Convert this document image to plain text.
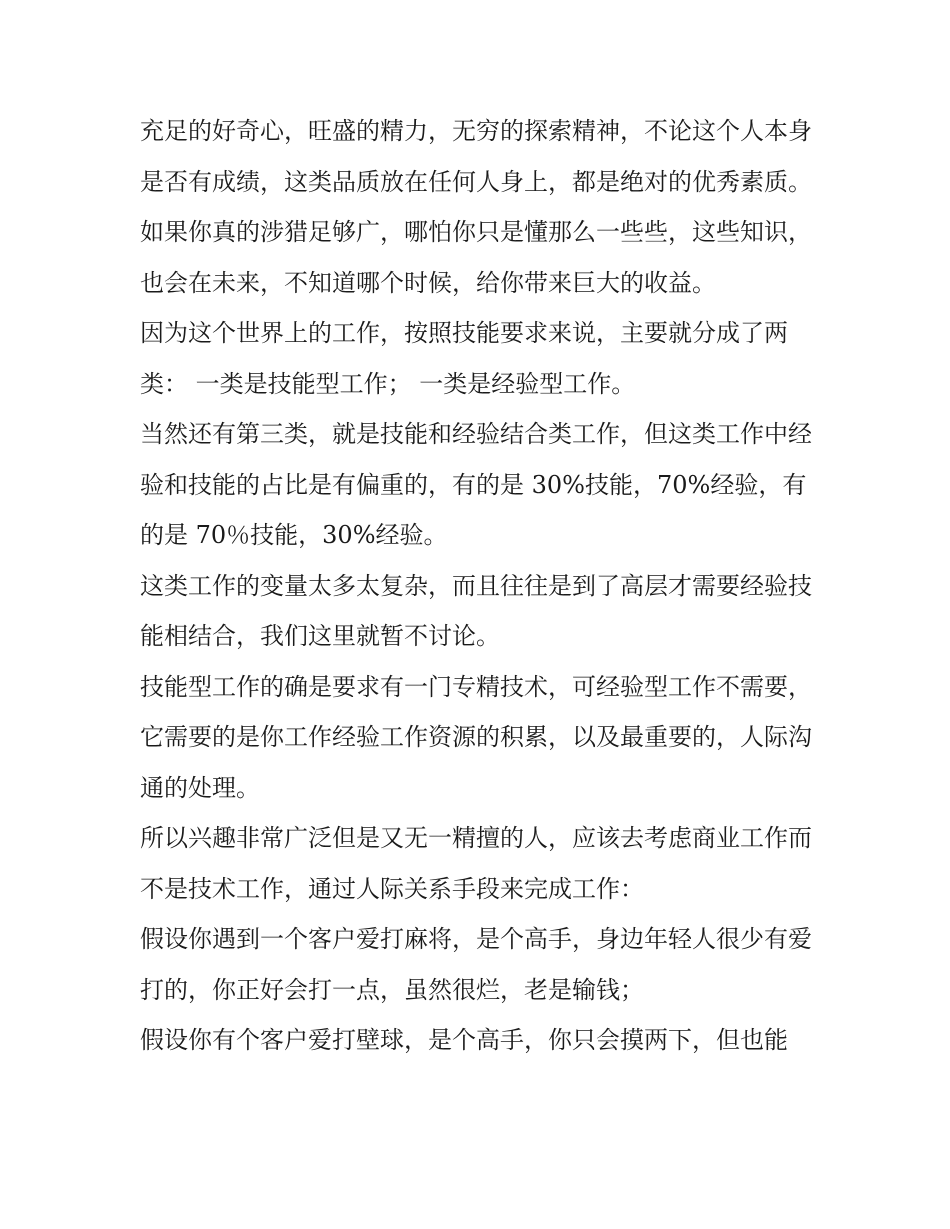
充足的好奇心，旺盛的精力，无穷的探索精神，不论这个人本身是否有成绩，这类品质放在任何人身上，都是绝对的优秀素质。

如果你真的涉猎足够广，哪怕你只是懂那么一些些，这些知识，也会在未来，不知道哪个时候，给你带来巨大的收益。

因为这个世界上的工作，按照技能要求来说，主要就分成了两类： 一类是技能型工作； 一类是经验型工作。

当然还有第三类，就是技能和经验结合类工作，但这类工作中经验和技能的占比是有偏重的，有的是 30%技能，70%经验，有的是 70％技能，30%经验。

这类工作的变量太多太复杂，而且往往是到了高层才需要经验技能相结合，我们这里就暂不讨论。

技能型工作的确是要求有一门专精技术，可经验型工作不需要，它需要的是你工作经验工作资源的积累，以及最重要的，人际沟通的处理。

所以兴趣非常广泛但是又无一精擅的人，应该去考虑商业工作而不是技术工作，通过人际关系手段来完成工作：

假设你遇到一个客户爱打麻将，是个高手，身边年轻人很少有爱打的，你正好会打一点，虽然很烂，老是输钱；

假设你有个客户爱打壁球，是个高手，你只会摸两下，但也能
